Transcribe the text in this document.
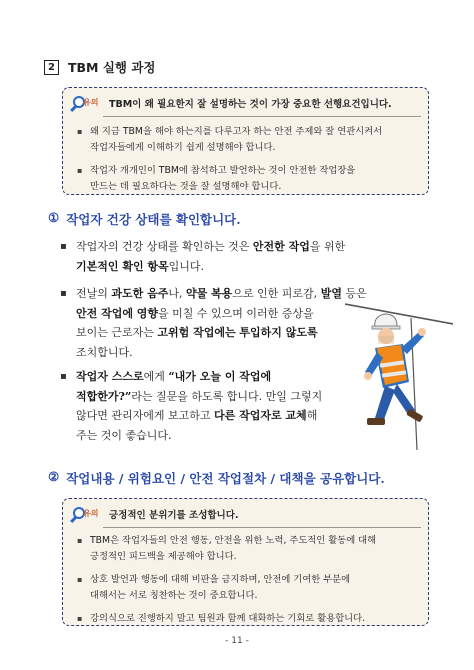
2	TBM 실행 과정
유의 TBM이 왜 필요한지 잘 설명하는 것이 가장 중요한 선행요건입니다.
▪ 왜 지금 TBM을 해야 하는지를 다루고자 하는 안전 주제와 잘 연관시켜서
작업자들에게 이해하기 쉽게 설명해야 합니다.
▪ 작업자 개개인이 TBM에 참석하고 발언하는 것이 안전한 작업장을
만드는 데 필요하다는 것을 잘 설명해야 합니다.
① 작업자 건강 상태를 확인합니다.
▪ 작업자의 건강 상태를 확인하는 것은 안전한 작업을 위한
기본적인 확인 항목입니다.
▪ 전날의 과도한 음주나, 약물 복용으로 인한 피로감, 발열 등은
안전 작업에 영향을 미칠 수 있으며 이러한 증상을
보이는 근로자는 고위험 작업에는 투입하지 않도록
조치합니다.
▪ 작업자 스스로에게 “내가 오늘 이 작업에
적합한가?”라는 질문을 하도록 합니다. 만일 그렇지
않다면 관리자에게 보고하고 다른 작업자로 교체해
주는 것이 좋습니다.
② 작업내용 / 위험요인 / 안전 작업절차 / 대책을 공유합니다.
유의 긍정적인 분위기를 조성합니다.
▪ TBM은 작업자들의 안전 행동, 안전을 위한 노력, 주도적인 활동에 대해
긍정적인 피드백을 제공해야 합니다.
▪ 상호 발언과 행동에 대해 비판을 금지하며, 안전에 기여한 부분에
대해서는 서로 칭찬하는 것이 중요합니다.
▪ 강의식으로 진행하지 말고 팀원과 함께 대화하는 기회로 활용합니다.
- 11 -
